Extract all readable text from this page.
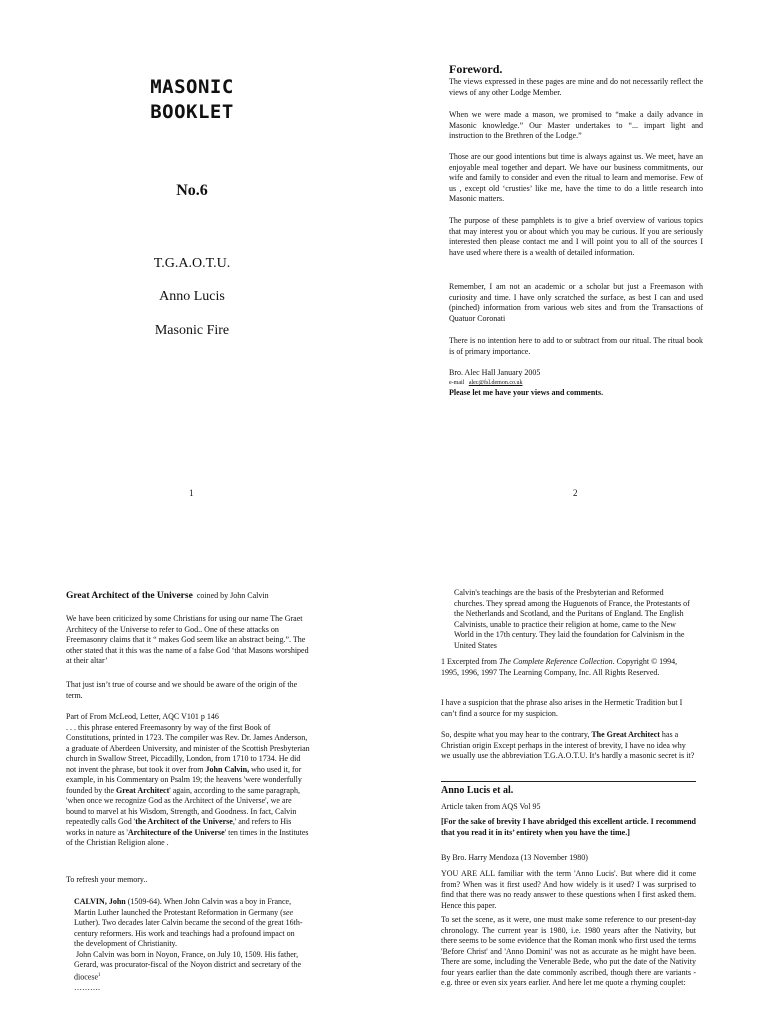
MASONIC
BOOKLET
No.6
T.G.A.O.T.U.
Anno Lucis
Masonic Fire
1
Foreword.
The views expressed in these pages are mine and do not necessarily reflect the views of any other Lodge Member.
When we were made a mason, we promised to “make a daily advance in Masonic knowledge.” Our Master undertakes to “... impart light and instruction to the Brethren of the Lodge.”
Those are our good intentions but time is always against us. We meet, have an enjoyable meal together and depart. We have our business commitments, our wife and family to consider and even the ritual to learn and memorise. Few of us , except old ‘crusties’ like me, have the time to do a little research into Masonic matters.
The purpose of these pamphlets is to give a brief overview of various topics that may interest you or about which you may be curious. If you are seriously interested then please contact me and I will point you to all of the sources I have used where there is a wealth of detailed information.
Remember, I am not an academic or a scholar but just a Freemason with curiosity and time. I have only scratched the surface, as best I can and used (pinched) information from various web sites and from the Transactions of Quatuor Coronati
There is no intention here to add to or subtract from our ritual. The ritual book is of primary importance.
Bro. Alec Hall January 2005
e-mail alec@fsl.demon.co.uk
Please let me have your views and comments.
2
Great Architect of the Universe coined by John Calvin
We have been criticized by some Christians for using our name The Graet Architecy of the Universe to refer to God.. One of these attacks on Freemasonry claims that it “ makes God seem like an abstract being.”. The other stated that it this was the name of a false God ‘that Masons worshiped at their altar’
That just isn’t true of course and we should be aware of the origin of the term.
Part of From McLeod, Letter, AQC V101 p 146
. . . this phrase entered Freemasonry by way of the first Book of Constitutions, printed in 1723. The compiler was Rev. Dr. James Anderson, a graduate of Aberdeen University, and minister of the Scottish Presbyterian church in Swallow Street, Piccadilly, London, from 1710 to 1734. He did not invent the phrase, but took it over from John Calvin, who used it, for example, in his Commentary on Psalm 19; the heavens 'were wonderfully founded by the Great Architect' again, according to the same paragraph, 'when once we recognize God as the Architect of the Universe', we are bound to marvel at his Wisdom, Strength, and Goodness. In fact, Calvin repeatedly calls God 'the Architect of the Universe,' and refers to His works in nature as 'Architecture of the Universe' ten times in the Institutes of the Christian Religion alone .
To refresh your memory..
CALVIN, John (1509-64). When John Calvin was a boy in France, Martin Luther launched the Protestant Reformation in Germany (see Luther). Two decades later Calvin became the second of the great 16th-century reformers. His work and teachings had a profound impact on the development of Christianity.
John Calvin was born in Noyon, France, on July 10, 1509. His father, Gerard, was procurator-fiscal of the Noyon district and secretary of the diocese$^1$
……….
Calvin's teachings are the basis of the Presbyterian and Reformed churches. They spread among the Huguenots of France, the Protestants of the Netherlands and Scotland, and the Puritans of England. The English Calvinists, unable to practice their religion at home, came to the New World in the 17th century. They laid the foundation for Calvinism in the United States
1 Excerpted from The Complete Reference Collection. Copyright © 1994, 1995, 1996, 1997 The Learning Company, Inc. All Rights Reserved.
I have a suspicion that the phrase also arises in the Hermetic Tradition but I can’t find a source for my suspicion.
So, despite what you may hear to the contrary, The Great Architect has a Christian origin Except perhaps in the interest of brevity, I have no idea why we usually use the abbreviation T.G.A.O.T.U. It’s hardly a masonic secret is it?
Anno Lucis et al.
Article taken from AQS Vol 95
[For the sake of brevity I have abridged this excellent article. I recommend that you read it in its’ entirety when you have the time.]
By Bro. Harry Mendoza (13 November 1980)
YOU ARE ALL familiar with the term 'Anno Lucis'. But where did it come from? When was it first used? And how widely is it used? I was surprised to find that there was no ready answer to these questions when I first asked them. Hence this paper.
To set the scene, as it were, one must make some reference to our present-day chronology. The current year is 1980, i.e. 1980 years after the Nativity, but there seems to be some evidence that the Roman monk who first used the terms 'Before Christ' and 'Anno Domini' was not as accurate as he might have been. There are some, including the Venerable Bede, who put the date of the Nativity four years earlier than the date commonly ascribed, though there are variants - e.g. three or even six years earlier. And here let me quote a rhyming couplet:
